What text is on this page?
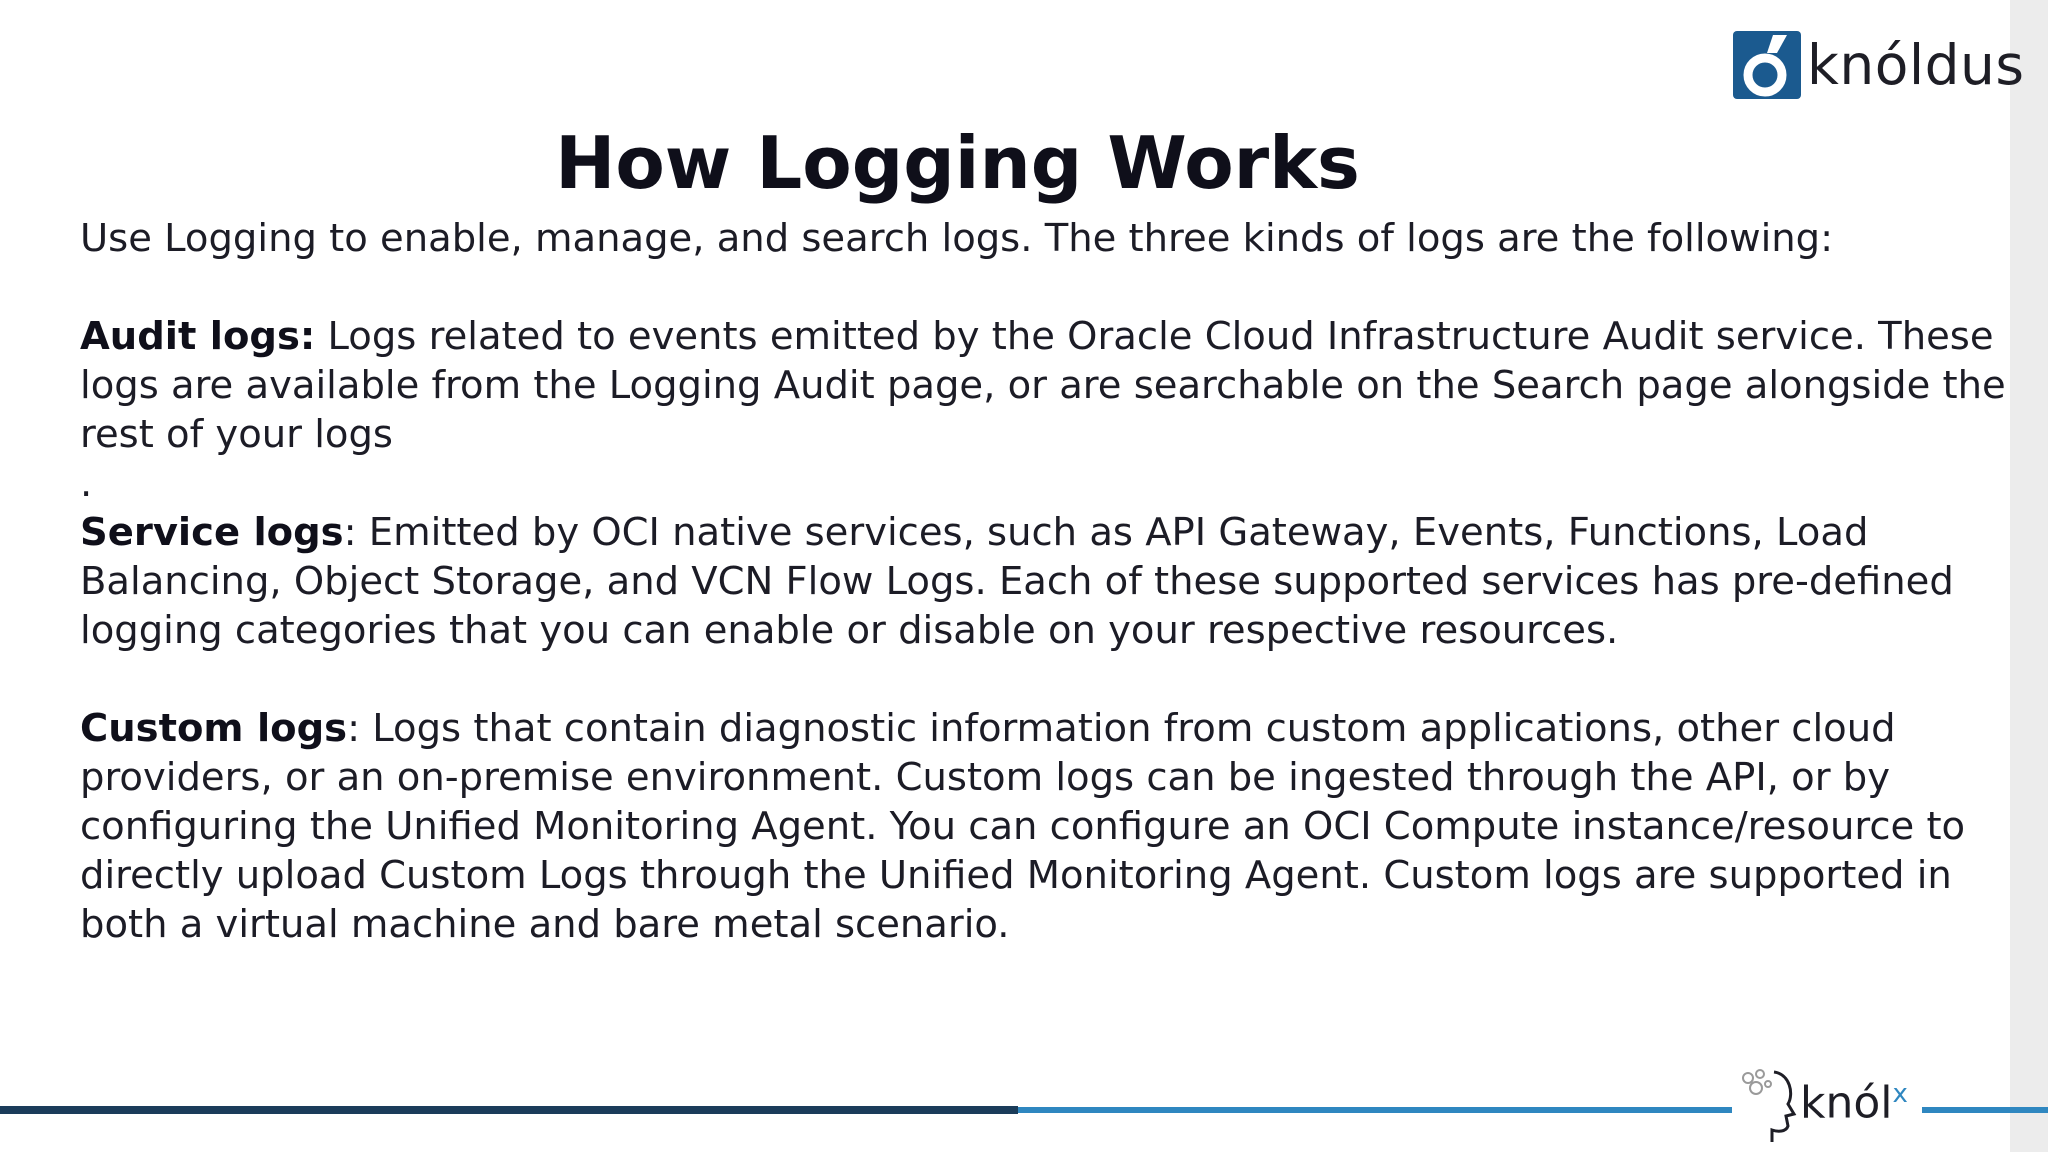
knóldus
How Logging Works

Use Logging to enable, manage, and search logs. The three kinds of logs are the following:

Audit logs: Logs related to events emitted by the Oracle Cloud Infrastructure Audit service. These logs are available from the Logging Audit page, or are searchable on the Search page alongside the rest of your logs

.

Service logs: Emitted by OCI native services, such as API Gateway, Events, Functions, Load Balancing, Object Storage, and VCN Flow Logs. Each of these supported services has pre-defined logging categories that you can enable or disable on your respective resources.

Custom logs: Logs that contain diagnostic information from custom applications, other cloud providers, or an on-premise environment. Custom logs can be ingested through the API, or by configuring the Unified Monitoring Agent. You can configure an OCI Compute instance/resource to directly upload Custom Logs through the Unified Monitoring Agent. Custom logs are supported in both a virtual machine and bare metal scenario.

knól$^x$
